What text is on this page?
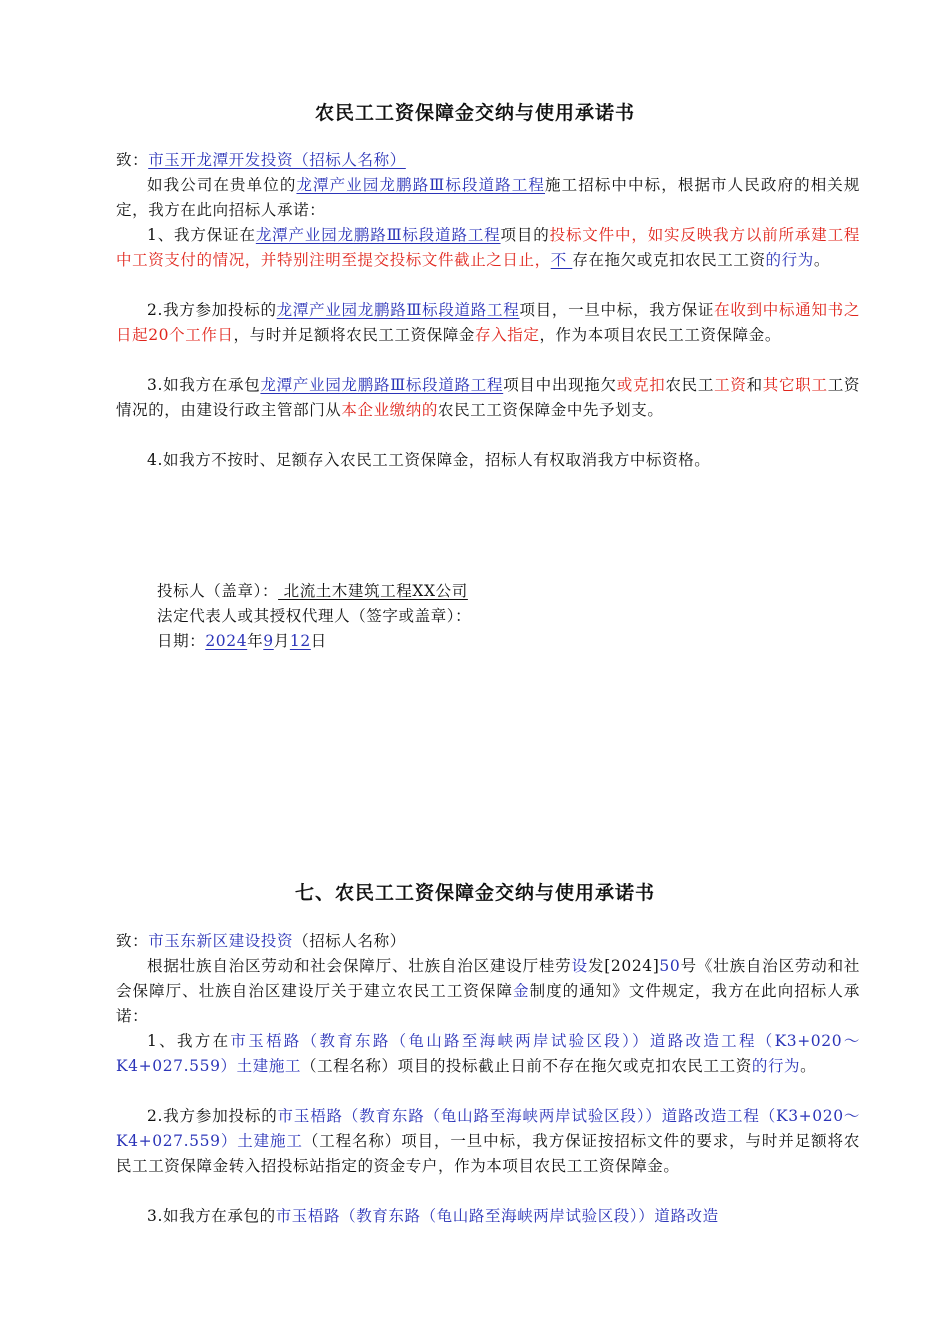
农民工工资保障金交纳与使用承诺书

致：市玉开龙潭开发投资（招标人名称）

如我公司在贵单位的龙潭产业园龙鹏路Ⅲ标段道路工程施工招标中中标，根据市人民政府的相关规定，我方在此向招标人承诺：

1、我方保证在龙潭产业园龙鹏路Ⅲ标段道路工程项目的投标文件中，如实反映我方以前所承建工程中工资支付的情况，并特别注明至提交投标文件截止之日止，不 存在拖欠或克扣农民工工资的行为。

2.我方参加投标的龙潭产业园龙鹏路Ⅲ标段道路工程项目，一旦中标，我方保证在收到中标通知书之日起20个工作日，与时并足额将农民工工资保障金存入指定，作为本项目农民工工资保障金。

3.如我方在承包龙潭产业园龙鹏路Ⅲ标段道路工程项目中出现拖欠或克扣农民工工资和其它职工工资情况的，由建设行政主管部门从本企业缴纳的农民工工资保障金中先予划支。

4.如我方不按时、足额存入农民工工资保障金，招标人有权取消我方中标资格。

投标人（盖章）： 北流土木建筑工程XX公司
法定代表人或其授权代理人（签字或盖章）：
日期：2024年9月12日
七、农民工工资保障金交纳与使用承诺书

致：市玉东新区建设投资（招标人名称）

根据壮族自治区劳动和社会保障厅、壮族自治区建设厅桂劳设发[2024]50号《壮族自治区劳动和社会保障厅、壮族自治区建设厅关于建立农民工工资保障金制度的通知》文件规定，我方在此向招标人承诺：

1、我方在市玉梧路（教育东路（龟山路至海峡两岸试验区段））道路改造工程（K3+020～K4+027.559）土建施工（工程名称）项目的投标截止日前不存在拖欠或克扣农民工工资的行为。

2.我方参加投标的市玉梧路（教育东路（龟山路至海峡两岸试验区段））道路改造工程（K3+020～K4+027.559）土建施工（工程名称）项目，一旦中标，我方保证按招标文件的要求，与时并足额将农民工工资保障金转入招投标站指定的资金专户，作为本项目农民工工资保障金。

3.如我方在承包的市玉梧路（教育东路（龟山路至海峡两岸试验区段））道路改造
